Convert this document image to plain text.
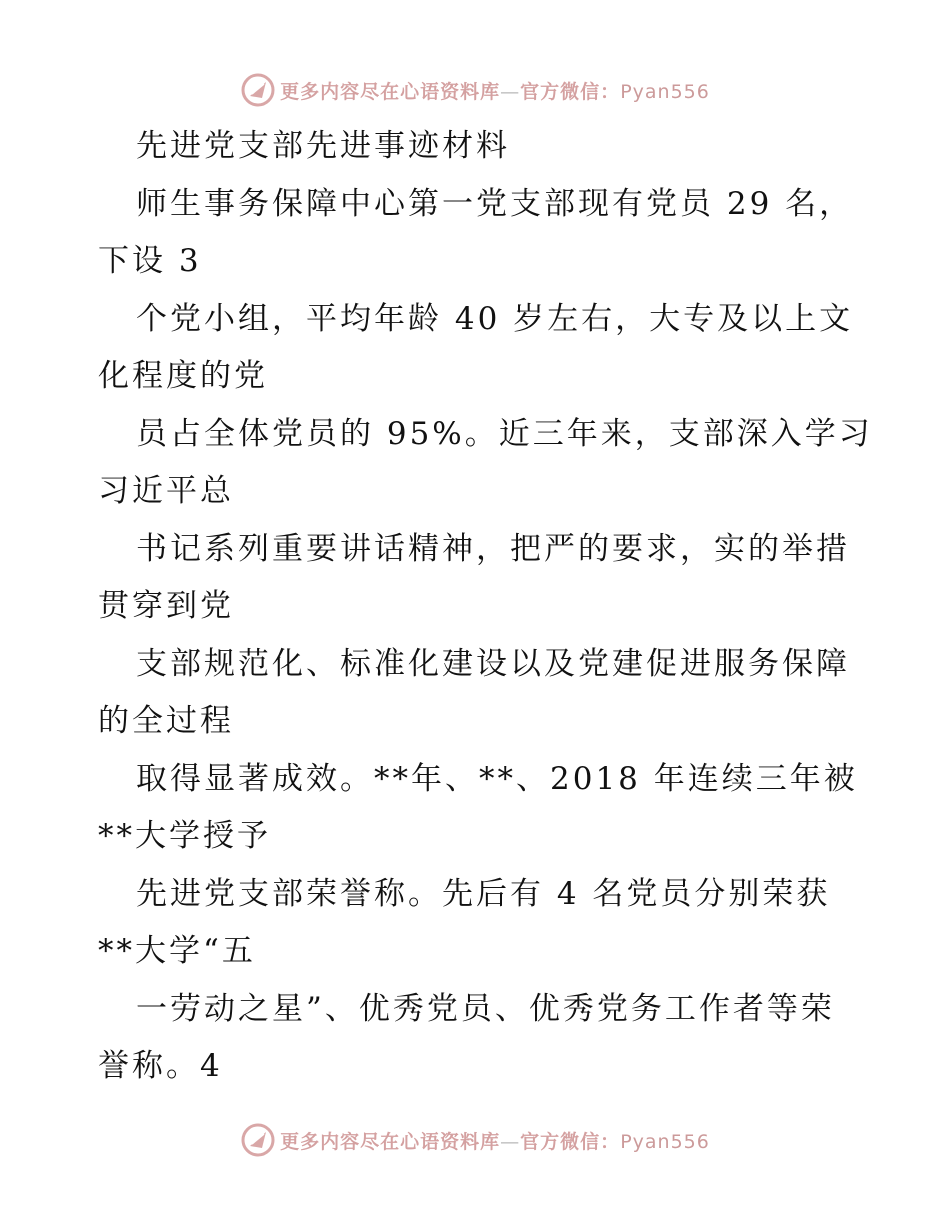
更多内容尽在心语资料库—官方微信：Pyan556
先进党支部先进事迹材料
师生事务保障中心第一党支部现有党员 29 名，
下设 3
个党小组，平均年龄 40 岁左右，大专及以上文
化程度的党
员占全体党员的 95%。近三年来，支部深入学习
习近平总
书记系列重要讲话精神，把严的要求，实的举措
贯穿到党
支部规范化、标准化建设以及党建促进服务保障
的全过程
取得显著成效。**年、**、2018 年连续三年被
**大学授予
先进党支部荣誉称。先后有 4 名党员分别荣获
**大学“五
一劳动之星”、优秀党员、优秀党务工作者等荣
誉称。4
更多内容尽在心语资料库—官方微信：Pyan556
